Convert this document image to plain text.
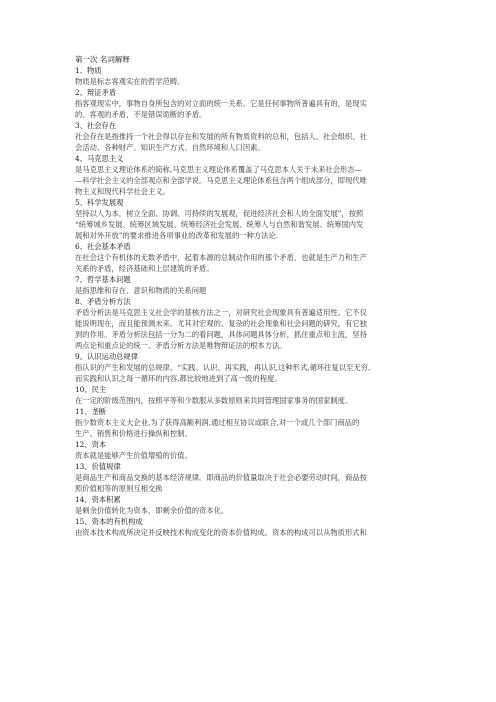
第一次 名词解释

1、物质

物质是标志客观实在的哲学范畴。

2、辩证矛盾

指客观现实中，事物自身所包含的对立面的统一关系。它是任何事物所普遍具有的，是现实
的、客观的矛盾，不是错误诡断的矛盾。

3、社会存在

社会存在是指推持一个社会得以存在和发展的所有物质资料的总和，包括人、社会组织、社
会活动、各种财产、知识生产方式、自然环境和人口因素。

4、马克思主义

是马克思主义理论体系的简称,马克思主义理论体系覆盖了马克思本人关于未来社会形态—
—科学社会主义的全部观点和全部学说。马克思主义理论体系包含两个组成部分，即现代唯
物主义和现代科学社会主义。

5、科学发展观

坚持以人为本，树立全面、协调、可持续的发展观，促进经济社会和人的全面发展”，按照
“统筹城乡发展、统筹区域发展、统筹经济社会发展、统筹人与自然和谐发展、统筹国内发
展和对外开放”的要求推进各项事业的改革和发展的一种方法论.

6、社会基本矛盾

在社会这个有机体的无数矛盾中，起着本源的总制动作用的那个矛盾，也就是生产力和生产
关系的矛盾，经济基础和上层建筑的矛盾。

7、哲学基本问题

是指思维和存在、意识和物质的关系问题

8、矛盾分析方法

矛盾分析法是马克思主义社会学的基核方法之一，对研究社会现象具有普遍适用性。它不仅
能说明现在，而且能预测未来。尤其对宏观的、复杂的社会现象和社会问题的研究，有它独
到的作用。矛盾分析法包括一分为二的看问题，具体问题具体分析，抓住重点和主流，坚持
两点论和重点论的统一。矛盾分析方法是唯物辩证法的根本方法。

9、认识运动总规律

指认识的产生和发展的总规律。“实践、认识、再实践，再认识,这种形式,循环往复以至无穷,
而实践和认识之每一循环的内容,都比较地进到了高一级的程度。

10、民主

在一定的阶级范围内，按照平等和少数服从多数原则来共同管理国家事务的国家制度。

11、垄断

指少数资本主义大企业,为了获得高额利润,通过相互协议或联合,对一个或几个部门商品的
生产、销售和价格进行操纵和控制。

12、资本

资本就是能够产生价值增殖的价值。

13、价值规律

是商品生产和商品交换的基本经济规律。即商品的价值量取决于社会必要劳动时间，商品按
照价值相等的原则互相交换

14、资本积累

是剩余价值转化为资本，即剩余价值的资本化。

15、资本的有机构成

由资本技术构成所决定并反映技术构成变化的资本价值构成。资本的构成可以从物质形式和
